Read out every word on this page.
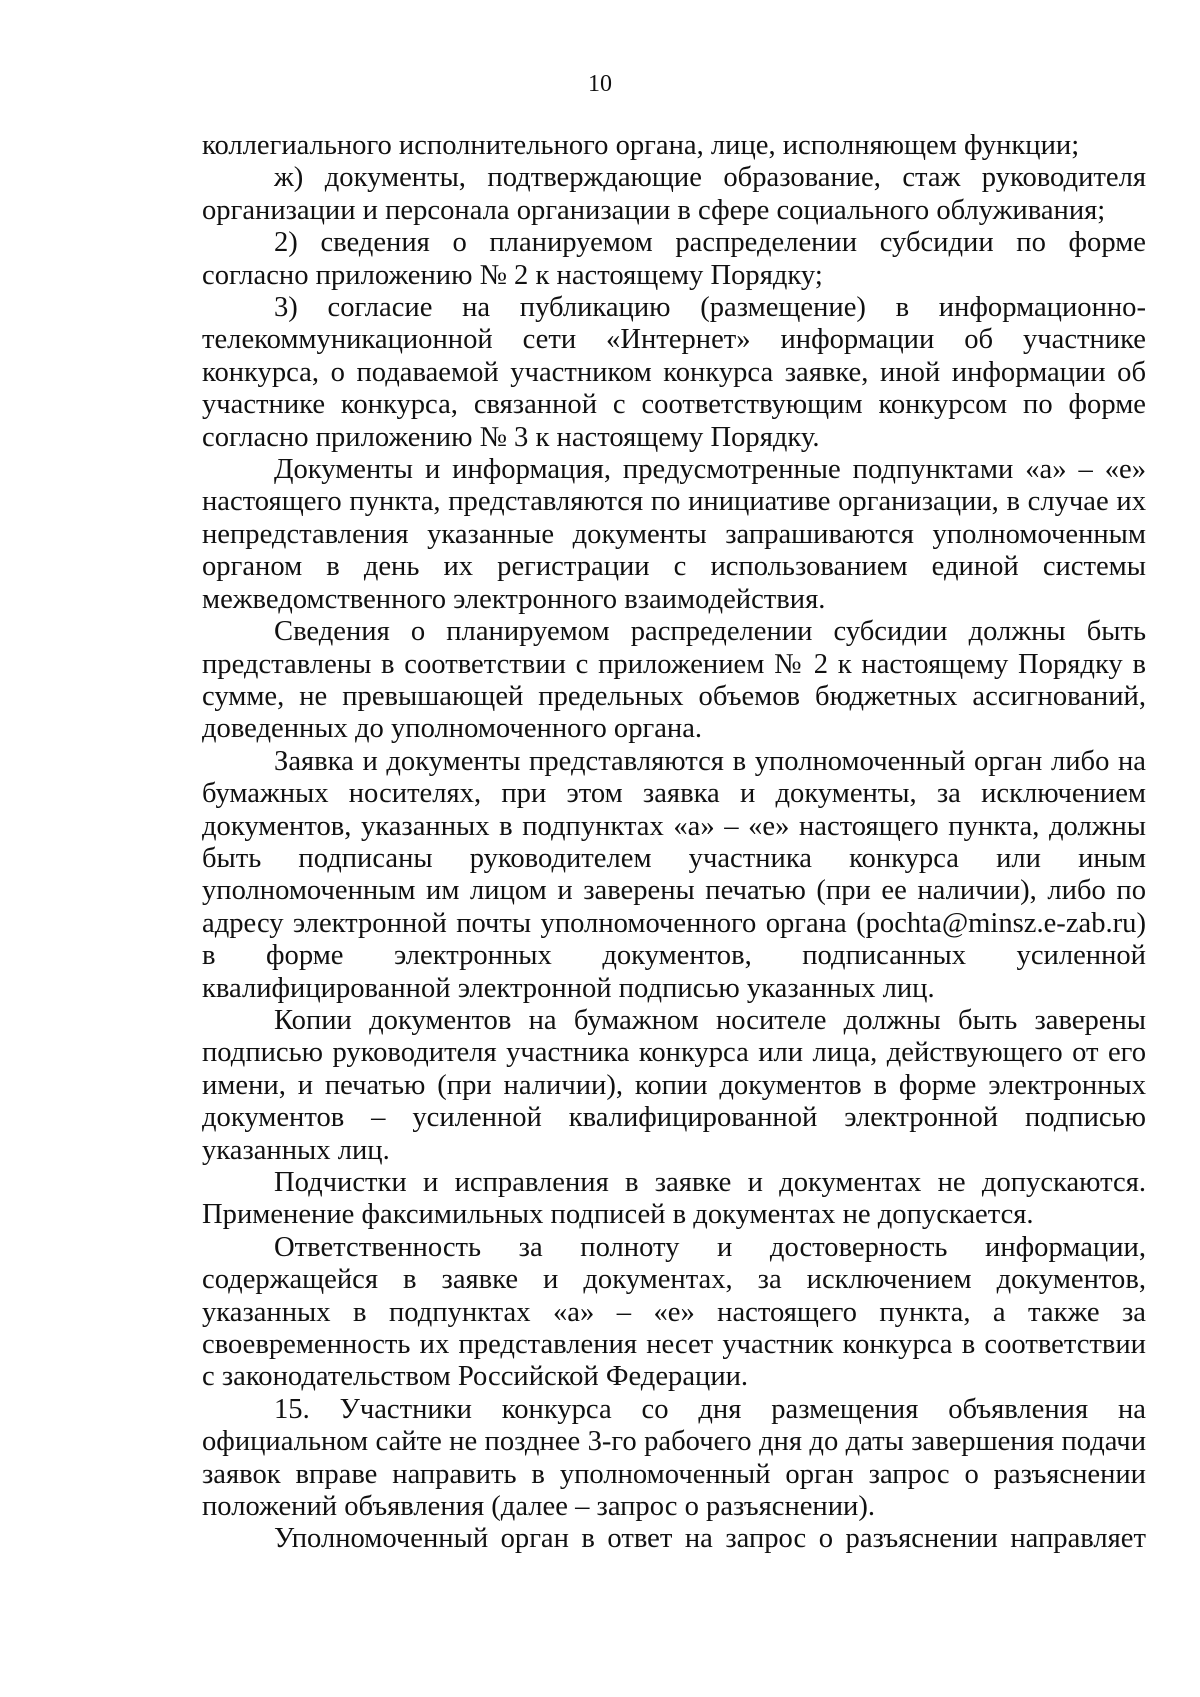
10

коллегиального исполнительного органа, лице, исполняющем функции;

ж) документы, подтверждающие образование, стаж руководителя организации и персонала организации в сфере социального облуживания;

2) сведения о планируемом распределении субсидии по форме согласно приложению № 2 к настоящему Порядку;

3) согласие на публикацию (размещение) в информационно-телекоммуникационной сети «Интернет» информации об участнике конкурса, о подаваемой участником конкурса заявке, иной информации об участнике конкурса, связанной с соответствующим конкурсом по форме согласно приложению № 3 к настоящему Порядку.

Документы и информация, предусмотренные подпунктами «а» – «е» настоящего пункта, представляются по инициативе организации, в случае их непредставления указанные документы запрашиваются уполномоченным органом в день их регистрации с использованием единой системы межведомственного электронного взаимодействия.

Сведения о планируемом распределении субсидии должны быть представлены в соответствии с приложением № 2 к настоящему Порядку в сумме, не превышающей предельных объемов бюджетных ассигнований, доведенных до уполномоченного органа.

Заявка и документы представляются в уполномоченный орган либо на бумажных носителях, при этом заявка и документы, за исключением документов, указанных в подпунктах «а» – «е» настоящего пункта, должны быть подписаны руководителем участника конкурса или иным уполномоченным им лицом и заверены печатью (при ее наличии), либо по адресу электронной почты уполномоченного органа (pochta@minsz.e-zab.ru) в форме электронных документов, подписанных усиленной квалифицированной электронной подписью указанных лиц.

Копии документов на бумажном носителе должны быть заверены подписью руководителя участника конкурса или лица, действующего от его имени, и печатью (при наличии), копии документов в форме электронных документов – усиленной квалифицированной электронной подписью указанных лиц.

Подчистки и исправления в заявке и документах не допускаются. Применение факсимильных подписей в документах не допускается.

Ответственность за полноту и достоверность информации, содержащейся в заявке и документах, за исключением документов, указанных в подпунктах «а» – «е» настоящего пункта, а также за своевременность их представления несет участник конкурса в соответствии с законодательством Российской Федерации.

15. Участники конкурса со дня размещения объявления на официальном сайте не позднее 3-го рабочего дня до даты завершения подачи заявок вправе направить в уполномоченный орган запрос о разъяснении положений объявления (далее – запрос о разъяснении).

Уполномоченный орган в ответ на запрос о разъяснении направляет
